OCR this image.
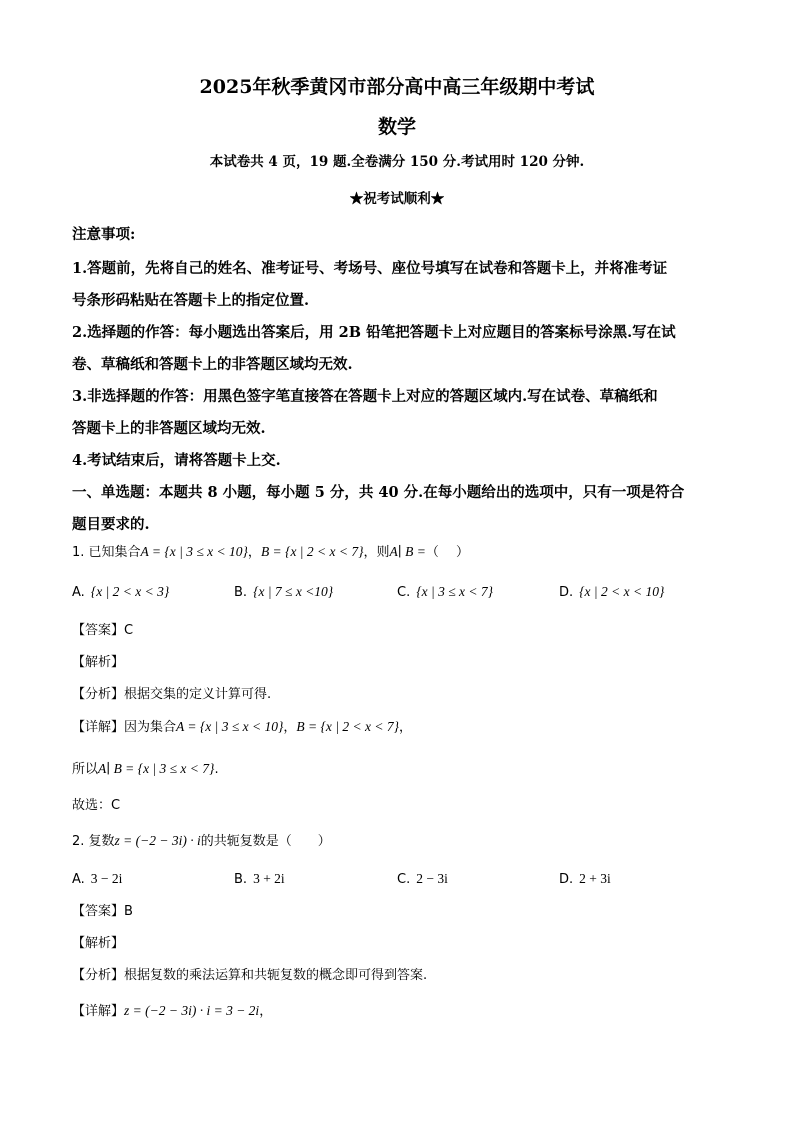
2025年秋季黄冈市部分高中高三年级期中考试
数学
本试卷共 4 页，19 题.全卷满分 150 分.考试用时 120 分钟.
★祝考试顺利★
注意事项:
1.答题前，先将自己的姓名、准考证号、考场号、座位号填写在试卷和答题卡上，并将准考证
号条形码粘贴在答题卡上的指定位置.
2.选择题的作答：每小题选出答案后，用 2B 铅笔把答题卡上对应题目的答案标号涂黑.写在试
卷、草稿纸和答题卡上的非答题区域均无效.
3.非选择题的作答：用黑色签字笔直接答在答题卡上对应的答题区域内.写在试卷、草稿纸和
答题卡上的非答题区域均无效.
4.考试结束后，请将答题卡上交.
一、单选题：本题共 8 小题，每小题 5 分，共 40 分.在每小题给出的选项中，只有一项是符合
题目要求的.
1. 已知集合A = {x | 3 ≤ x < 10}，B = {x | 2 < x < 7}，则A∣ B =（　 ）
A. {x | 2 < x < 3}	B. {x | 7 ≤ x <10}	C. {x | 3 ≤ x < 7}	D. {x | 2 < x < 10}
【答案】C
【解析】
【分析】根据交集的定义计算可得.
【详解】因为集合A = {x | 3 ≤ x < 10}，B = {x | 2 < x < 7}，
所以A∣ B = {x | 3 ≤ x < 7}.
故选：C
2. 复数z = (−2 − 3i) · i的共轭复数是（　　）
A. 3 − 2i	B. 3 + 2i	C. 2 − 3i	D. 2 + 3i
【答案】B
【解析】
【分析】根据复数的乘法运算和共轭复数的概念即可得到答案.
【详解】z = (−2 − 3i) · i = 3 − 2i，
